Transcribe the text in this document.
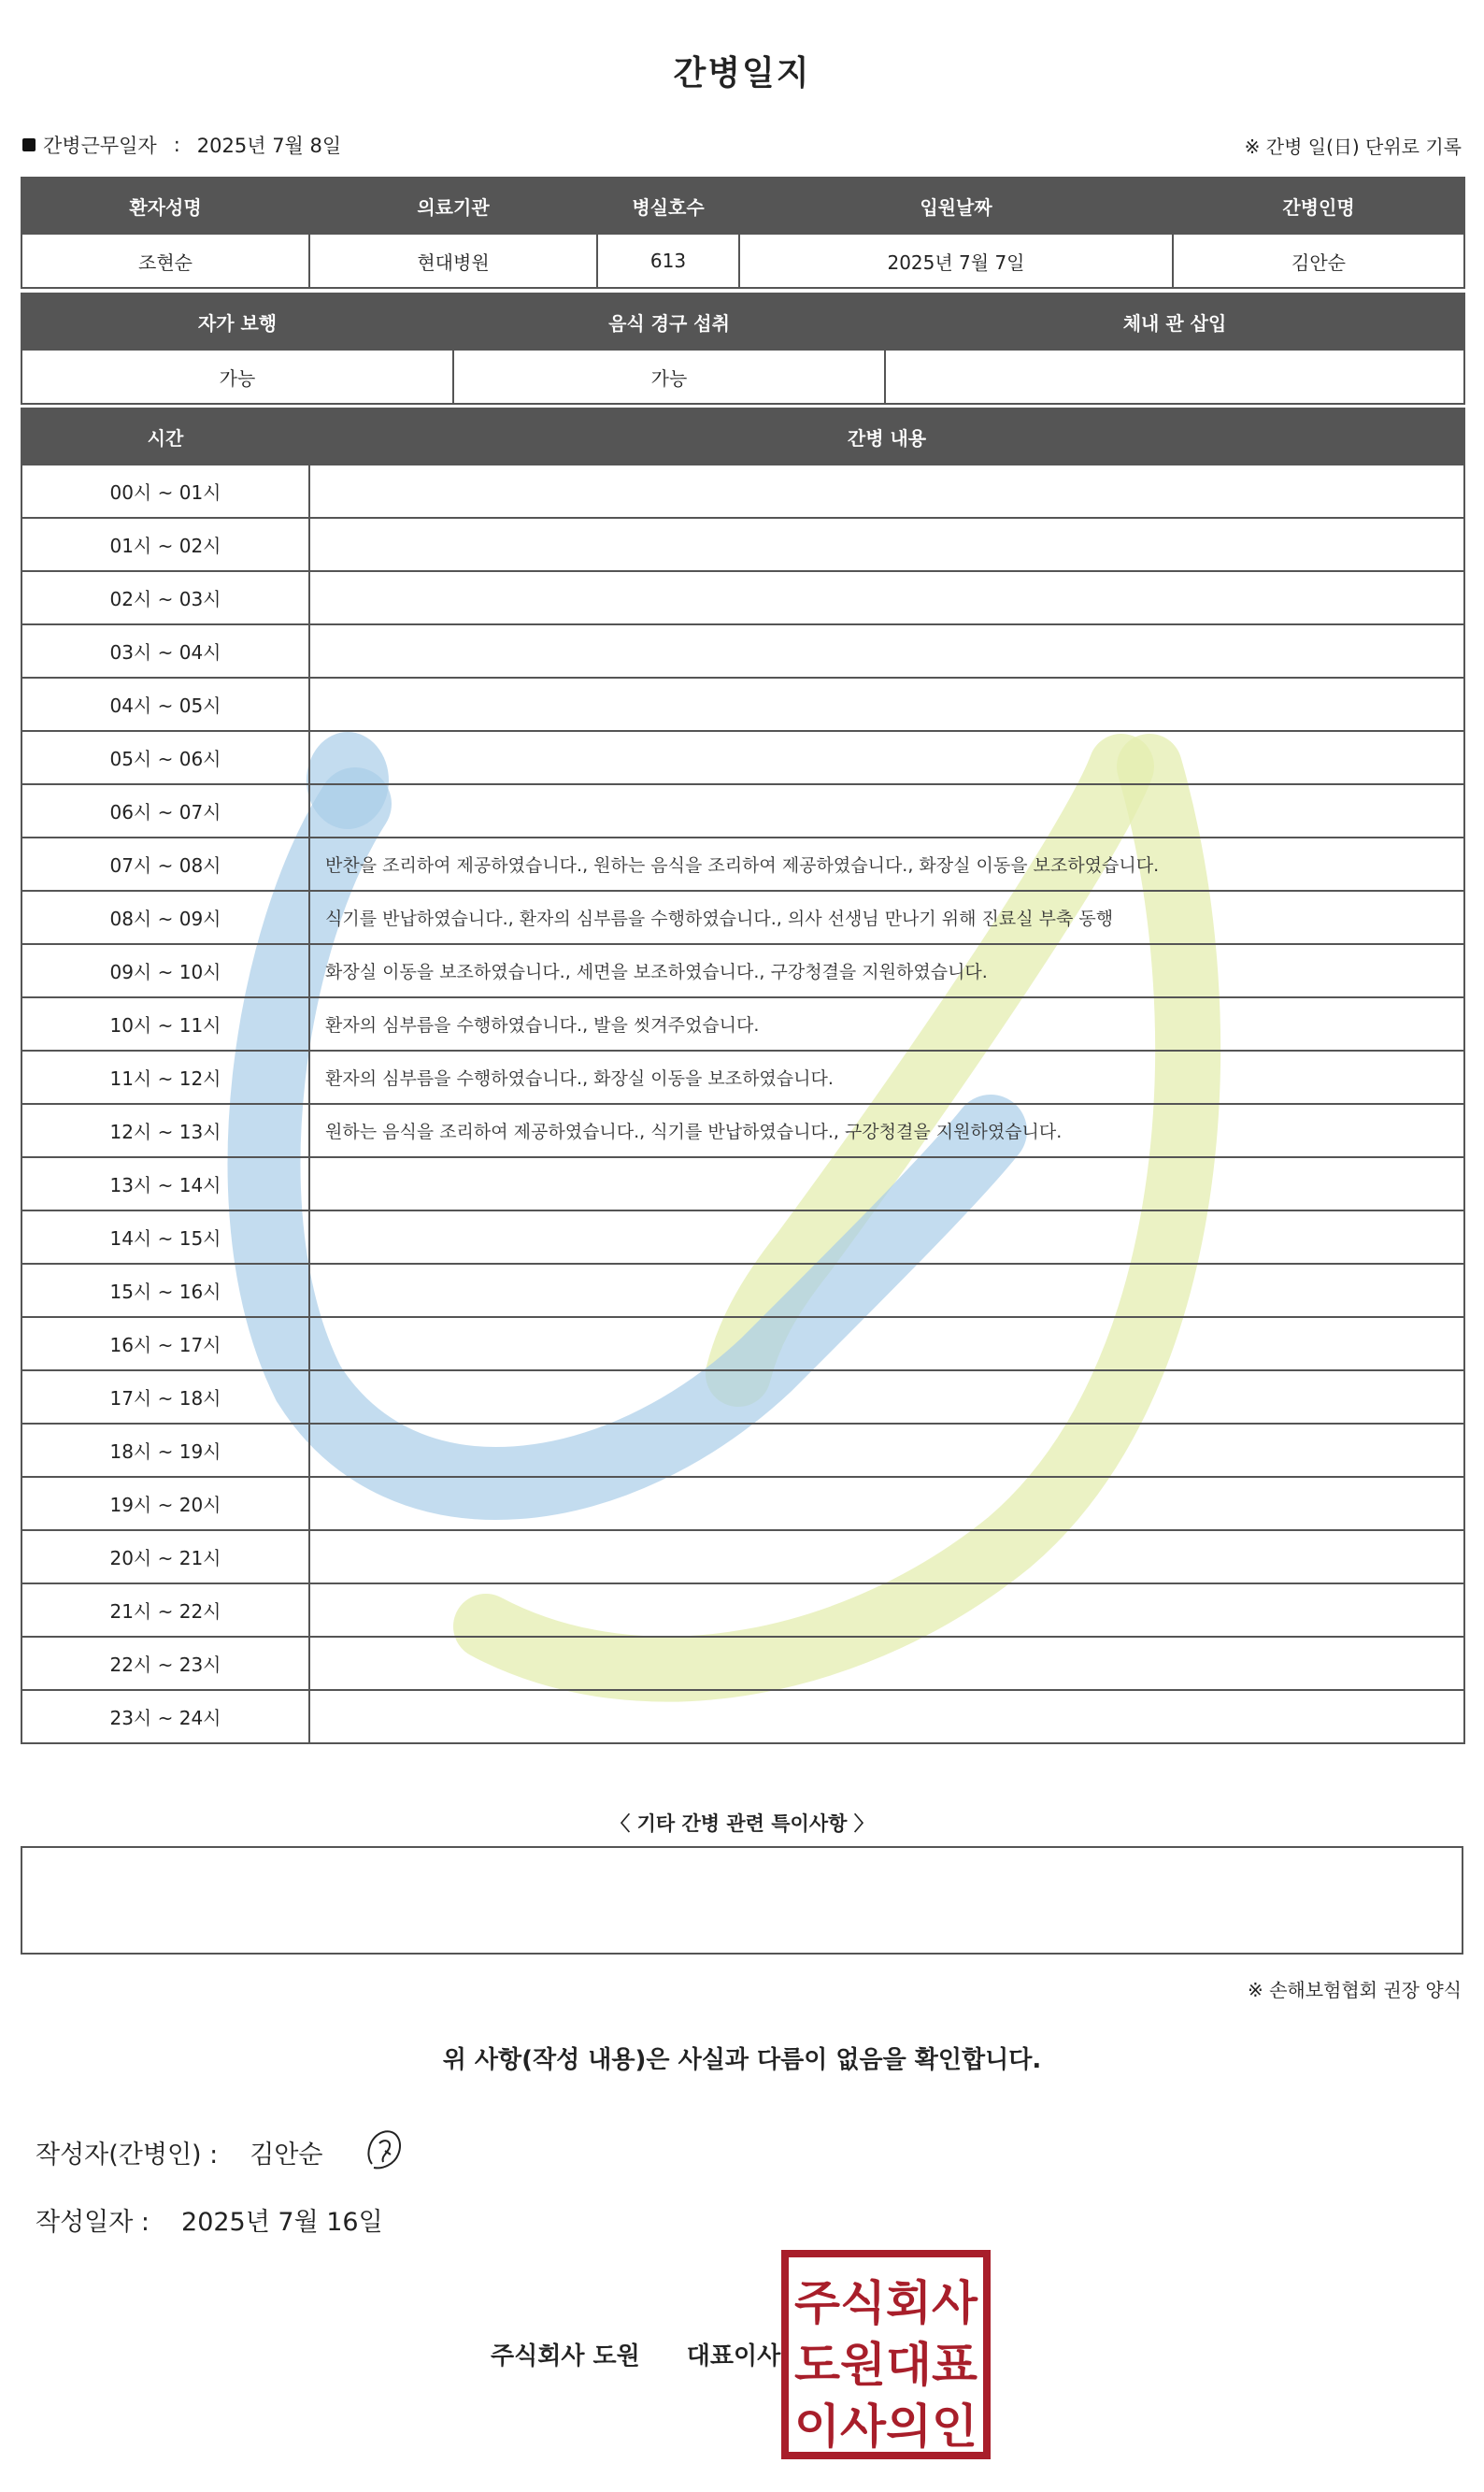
간병일지
간병근무일자 : 2025년 7월 8일	※ 간병 일(日) 단위로 기록
환자성명	의료기관	병실호수	입원날짜	간병인명
조현순	현대병원	613	2025년 7월 7일	김안순
자가 보행	음식 경구 섭취	체내 관 삽입
가능	가능	
시간	간병 내용
00시 ~ 01시	
01시 ~ 02시	
02시 ~ 03시	
03시 ~ 04시	
04시 ~ 05시	
05시 ~ 06시	
06시 ~ 07시	
07시 ~ 08시	반찬을 조리하여 제공하였습니다., 원하는 음식을 조리하여 제공하였습니다., 화장실 이동을 보조하였습니다.
08시 ~ 09시	식기를 반납하였습니다., 환자의 심부름을 수행하였습니다., 의사 선생님 만나기 위해 진료실 부축 동행
09시 ~ 10시	화장실 이동을 보조하였습니다., 세면을 보조하였습니다., 구강청결을 지원하였습니다.
10시 ~ 11시	환자의 심부름을 수행하였습니다., 발을 씻겨주었습니다.
11시 ~ 12시	환자의 심부름을 수행하였습니다., 화장실 이동을 보조하였습니다.
12시 ~ 13시	원하는 음식을 조리하여 제공하였습니다., 식기를 반납하였습니다., 구강청결을 지원하였습니다.
13시 ~ 14시	
14시 ~ 15시	
15시 ~ 16시	
16시 ~ 17시	
17시 ~ 18시	
18시 ~ 19시	
19시 ~ 20시	
20시 ~ 21시	
21시 ~ 22시	
22시 ~ 23시	
23시 ~ 24시	
〈 기타 간병 관련 특이사항 〉
※ 손해보험협회 권장 양식
위 사항(작성 내용)은 사실과 다름이 없음을 확인합니다.
작성자(간병인) : 김안순
작성일자 : 2025년 7월 16일
주식회사 도원 대표이사
주식회사
도원대표
이사의인
